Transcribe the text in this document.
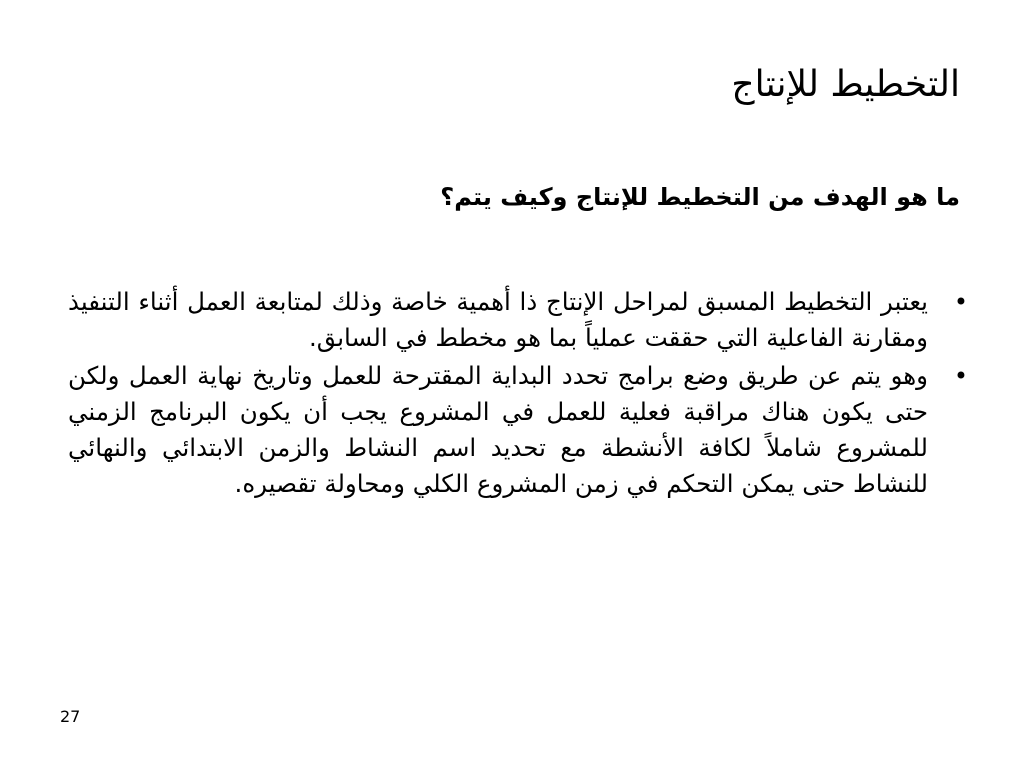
التخطيط للإنتاج

ما هو الهدف من التخطيط للإنتاج وكيف يتم؟

•
يعتبر التخطيط المسبق لمراحل الإنتاج ذا أهمية خاصة وذلك لمتابعة العمل أثناء التنفيذ ومقارنة الفاعلية التي حققت عملياً بما هو مخطط في السابق.
•
وهو يتم عن طريق وضع برامج تحدد البداية المقترحة للعمل وتاريخ نهاية العمل ولكن حتى يكون هناك مراقبة فعلية للعمل في المشروع يجب أن يكون البرنامج الزمني للمشروع شاملاً لكافة الأنشطة مع تحديد اسم النشاط والزمن الابتدائي والنهائي للنشاط حتى يمكن التحكم في زمن المشروع الكلي ومحاولة تقصيره.
27
